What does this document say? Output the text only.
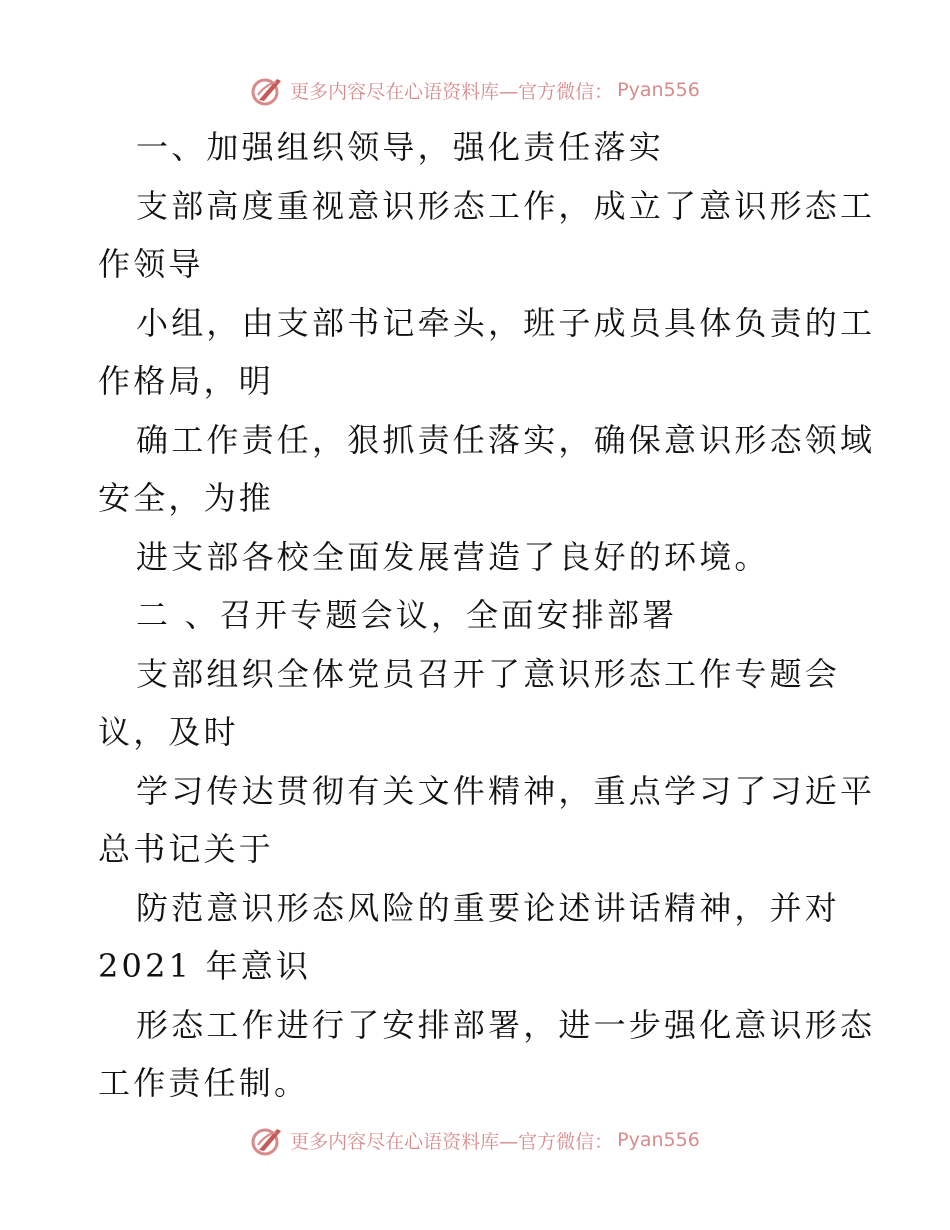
更多内容尽在心语资料库—官方微信： Pyan556
一、加强组织领导，强化责任落实
支部高度重视意识形态工作，成立了意识形态工
作领导
小组，由支部书记牵头，班子成员具体负责的工
作格局，明
确工作责任，狠抓责任落实，确保意识形态领域
安全，为推
进支部各校全面发展营造了良好的环境。
二 、召开专题会议，全面安排部署
支部组织全体党员召开了意识形态工作专题会
议，及时
学习传达贯彻有关文件精神，重点学习了习近平
总书记关于
防范意识形态风险的重要论述讲话精神，并对
2021 年意识
形态工作进行了安排部署，进一步强化意识形态
工作责任制。
更多内容尽在心语资料库—官方微信： Pyan556
